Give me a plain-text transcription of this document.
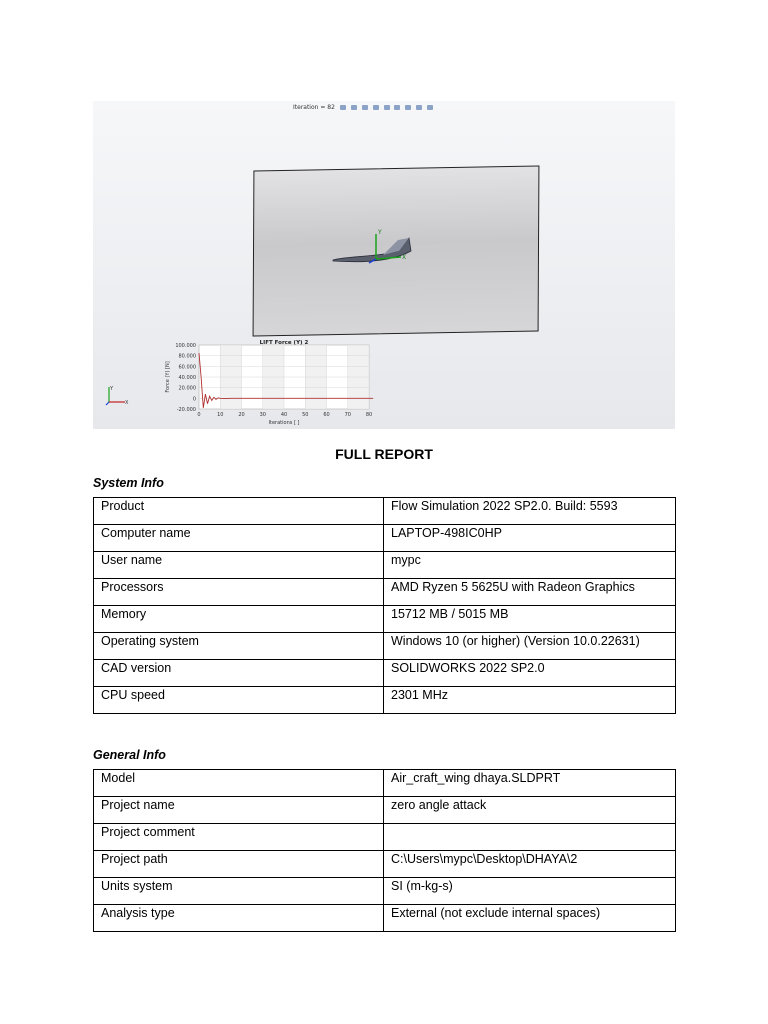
Iteration = 82
Y
X
Y
X
100.000
80.000
60.000
40.000
20.000
0
-20.000
0	10	20	30	40	50	60	70	80
LIFT Force (Y) 2
Iterations [ ]
Force (Y) [N]
FULL REPORT

System Info

Product	Flow Simulation 2022 SP2.0. Build: 5593
Computer name	LAPTOP-498IC0HP
User name	mypc
Processors	AMD Ryzen 5 5625U with Radeon Graphics
Memory	15712 MB / 5015 MB
Operating system	Windows 10 (or higher) (Version 10.0.22631)
CAD version	SOLIDWORKS 2022 SP2.0
CPU speed	2301 MHz

General Info

Model	Air_craft_wing dhaya.SLDPRT
Project name	zero angle attack
Project comment	
Project path	C:\Users\mypc\Desktop\DHAYA\2
Units system	SI (m-kg-s)
Analysis type	External (not exclude internal spaces)
